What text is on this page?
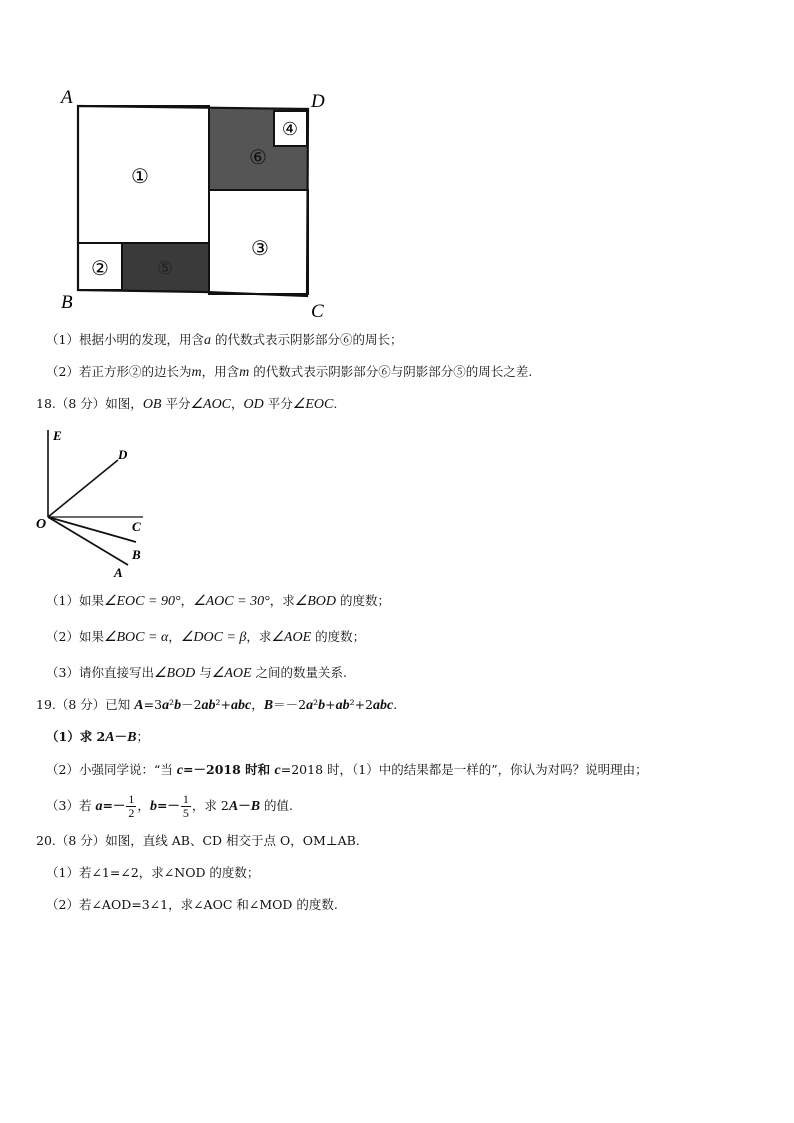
①
②
③
④
⑤
⑥
A	D
B	C
（1）根据小明的发现，用含a 的代数式表示阴影部分⑥的周长；
（2）若正方形②的边长为m，用含m 的代数式表示阴影部分⑥与阴影部分⑤的周长之差.
18.（8 分）如图，OB 平分∠AOC，OD 平分∠EOC.
E
D
O	C
B
A
（1）如果∠EOC = 90°，∠AOC = 30°，求∠BOD 的度数；
（2）如果∠BOC = α，∠DOC = β，求∠AOE 的度数；
（3）请你直接写出∠BOD 与∠AOE 之间的数量关系.
19.（8 分）已知 A=3a²b－2ab²+abc，B＝－2a²b+ab²+2abc.
（1）求 2A－B；
（2）小强同学说：“当 c=－2018 时和 c=2018 时，（1）中的结果都是一样的”，你认为对吗？说明理由；
（3）若 $a=- \frac{1}{2}$ ，$b=- \frac{1}{5}$ ，求 2A－B 的值.
20.（8 分）如图，直线 AB、CD 相交于点 O，OM⊥AB.
（1）若∠1=∠2，求∠NOD 的度数；
（2）若∠AOD=3∠1，求∠AOC 和∠MOD 的度数.
